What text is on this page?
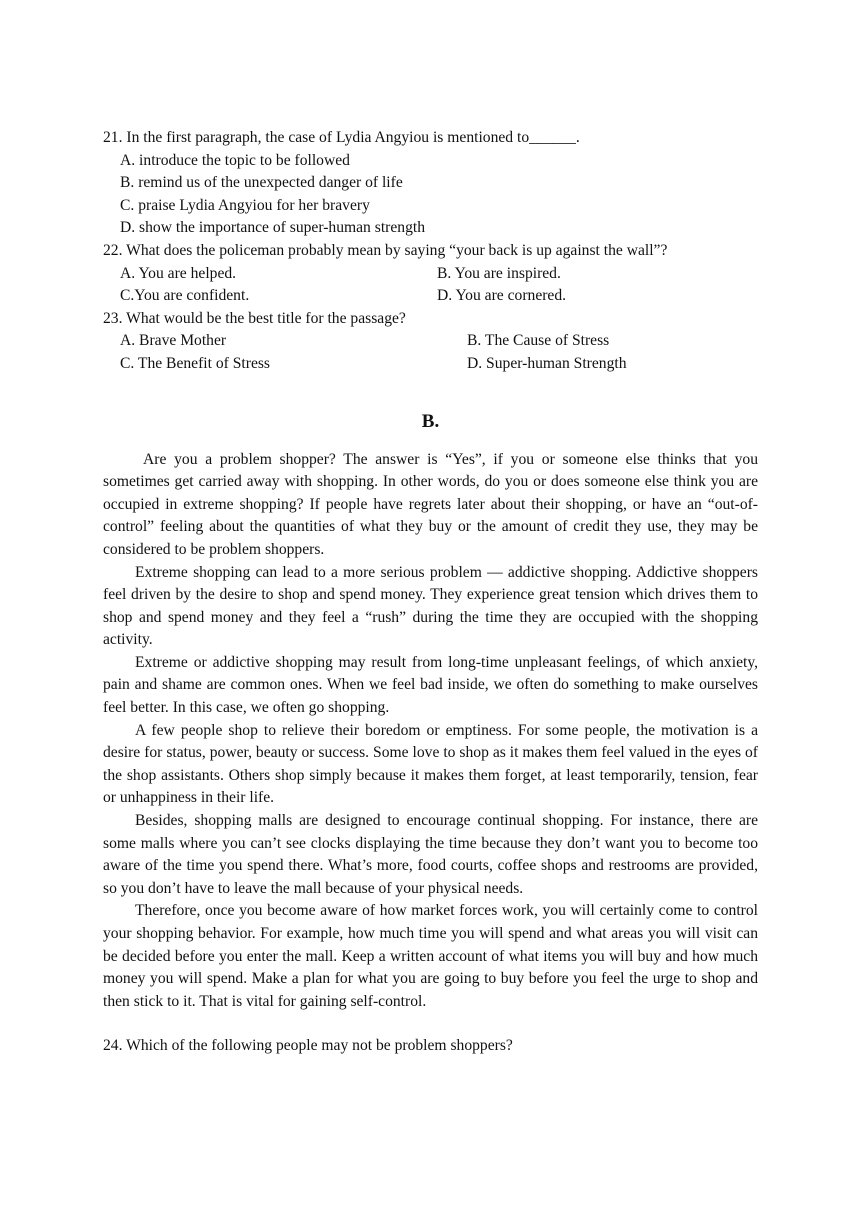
21. In the first paragraph, the case of Lydia Angyiou is mentioned to______.

A. introduce the topic to be followed

B. remind us of the unexpected danger of life

C. praise Lydia Angyiou for her bravery

D. show the importance of super-human strength

22. What does the policeman probably mean by saying “your back is up against the wall”?

A. You are helped.	B. You are inspired.
C.You are confident.	D. You are cornered.

23. What would be the best title for the passage?

A. Brave Mother	B. The Cause of Stress
C. The Benefit of Stress	D. Super-human Strength
B.

Are you a problem shopper? The answer is “Yes”, if you or someone else thinks that you sometimes get carried away with shopping. In other words, do you or does someone else think you are occupied in extreme shopping? If people have regrets later about their shopping, or have an “out-of-control” feeling about the quantities of what they buy or the amount of credit they use, they may be considered to be problem shoppers.

Extreme shopping can lead to a more serious problem — addictive shopping. Addictive shoppers feel driven by the desire to shop and spend money. They experience great tension which drives them to shop and spend money and they feel a “rush” during the time they are occupied with the shopping activity.

Extreme or addictive shopping may result from long-time unpleasant feelings, of which anxiety, pain and shame are common ones. When we feel bad inside, we often do something to make ourselves feel better. In this case, we often go shopping.

A few people shop to relieve their boredom or emptiness. For some people, the motivation is a desire for status, power, beauty or success. Some love to shop as it makes them feel valued in the eyes of the shop assistants. Others shop simply because it makes them forget, at least temporarily, tension, fear or unhappiness in their life.

Besides, shopping malls are designed to encourage continual shopping. For instance, there are some malls where you can’t see clocks displaying the time because they don’t want you to become too aware of the time you spend there. What’s more, food courts, coffee shops and restrooms are provided, so you don’t have to leave the mall because of your physical needs.

Therefore, once you become aware of how market forces work, you will certainly come to control your shopping behavior. For example, how much time you will spend and what areas you will visit can be decided before you enter the mall. Keep a written account of what items you will buy and how much money you will spend. Make a plan for what you are going to buy before you feel the urge to shop and then stick to it. That is vital for gaining self-control.

24. Which of the following people may not be problem shoppers?
